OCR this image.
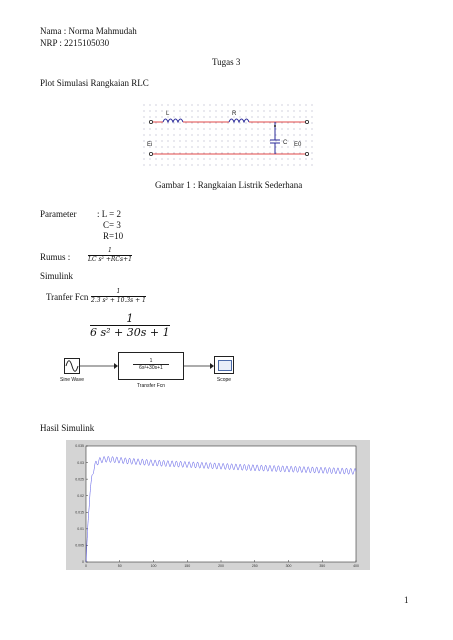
Nama : Norma Mahmudah
NRP : 2215105030
Tugas 3
Plot Simulasi Rangkaian RLC
L	R
C
Ei	E0
Gambar 1 : Rangkaian Listrik Sederhana
Parameter : L = 2
C= 3
R=10
Rumus :
1
LC s² +RCs+1
Simulink
Tranfer Fcn
1
2.3 s² + 10.3s + 1
1
6 s² + 30s + 1
Sine Wave
1
6s²+30s+1
Transfer Fcn
Scope
Hasil Simulink
0	50	100	150	200	250	300	350	400
0
0.005
0.01
0.015
0.02
0.025
0.03
0.035
1
